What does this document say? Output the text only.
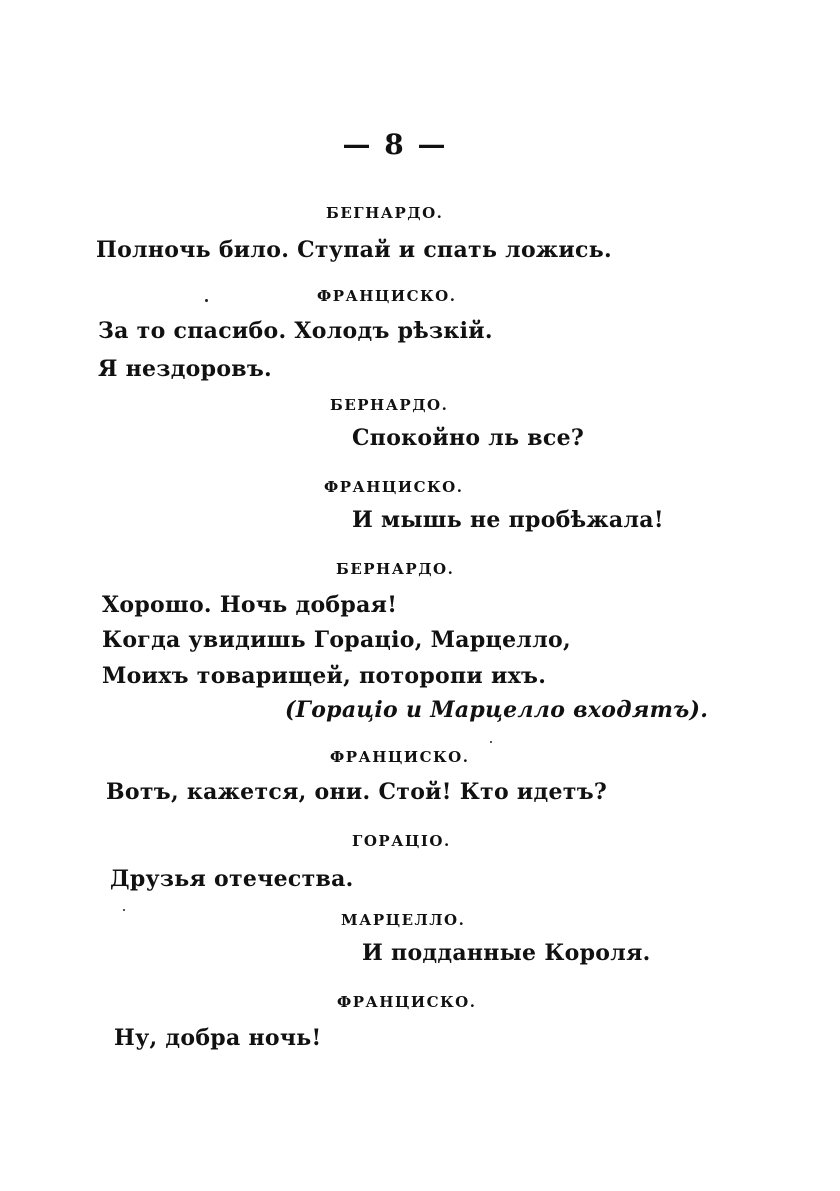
— 8 —
БЕГНАРДО.
Полночь било. Ступай и спать ложись.
ФРАНЦИСКО.
За то спасибо. Холодъ рѣзкій.
Я нездоровъ.
БЕРНАРДО.
Спокойно ль все?
ФРАНЦИСКО.
И мышь не пробѣжала!
БЕРНАРДО.
Хорошо. Ночь добрая!
Когда увидишь Горацiо, Марцелло,
Моихъ товарищей, поторопи ихъ.
(Горацiо и Марцелло входятъ).
ФРАНЦИСКО.
Вотъ, кажется, они. Стой! Кто идетъ?
ГОРАЦIО.
Друзья отечества.
МАРЦЕЛЛО.
И подданные Короля.
ФРАНЦИСКО.
Ну, добра ночь!
